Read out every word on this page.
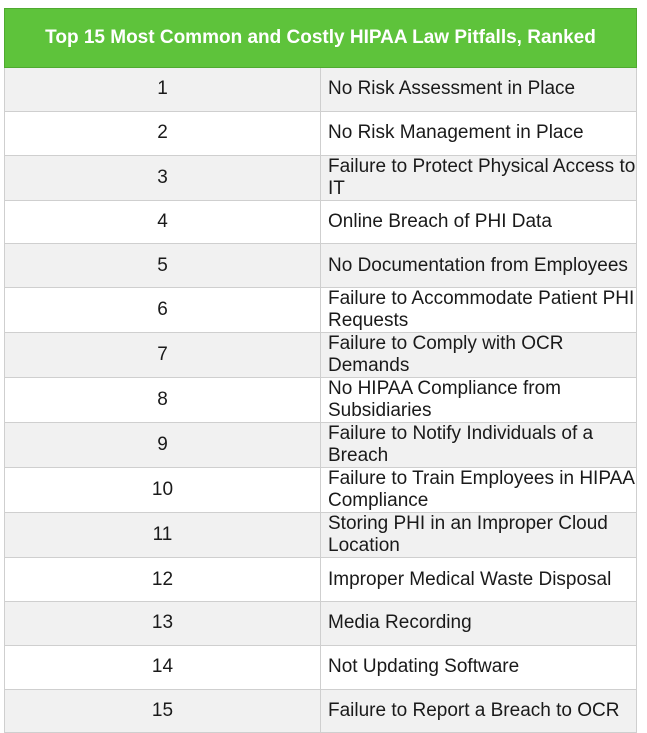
Top 15 Most Common and Costly HIPAA Law Pitfalls, Ranked	
1	No Risk Assessment in Place
2	No Risk Management in Place
3	Failure to Protect Physical Access to IT
4	Online Breach of PHI Data
5	No Documentation from Employees
6	Failure to Accommodate Patient PHI Requests
7	Failure to Comply with OCR Demands
8	No HIPAA Compliance from Subsidiaries
9	Failure to Notify Individuals of a Breach
10	Failure to Train Employees in HIPAA Compliance
11	Storing PHI in an Improper Cloud Location
12	Improper Medical Waste Disposal
13	Media Recording
14	Not Updating Software
15	Failure to Report a Breach to OCR
